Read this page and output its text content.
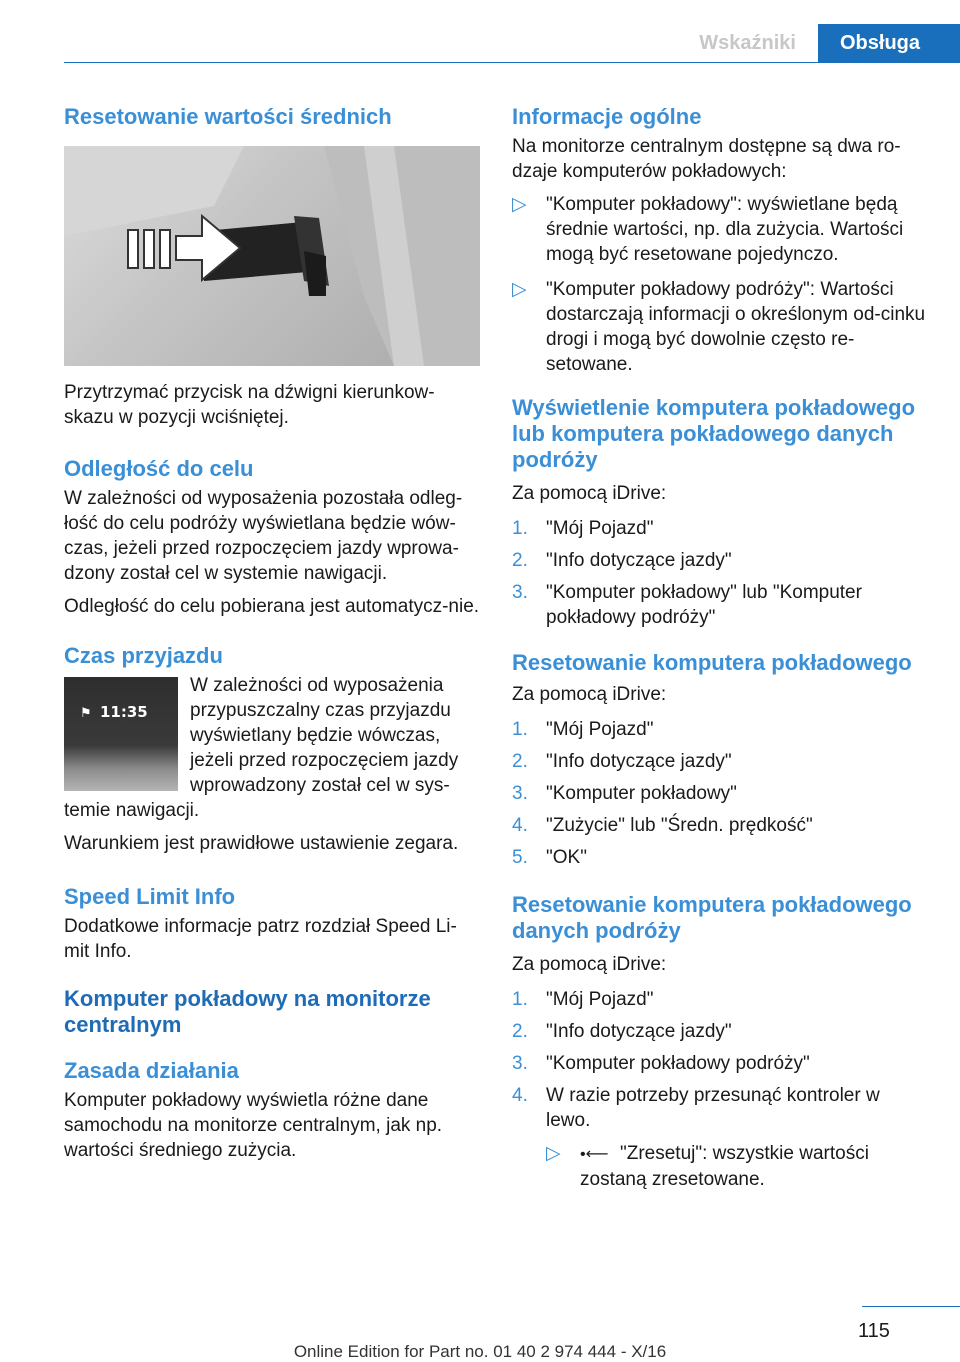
Wskaźniki	Obsługa
Resetowanie wartości średnich

Przytrzymać przycisk na dźwigni kierunkow-skazu w pozycji wciśniętej.

Odległość do celu

W zależności od wyposażenia pozostała odleg-łość do celu podróży wyświetlana będzie wów-czas, jeżeli przed rozpoczęciem jazdy wprowa-dzony został cel w systemie nawigacji.

Odległość do celu pobierana jest automatycz-nie.

Czas przyjazdu
⚑ 11:35

W zależności od wyposażenia przypuszczalny czas przyjazdu wyświetlany będzie wówczas, jeżeli przed rozpoczęciem jazdy wprowadzony został cel w sys-temie nawigacji.

Warunkiem jest prawidłowe ustawienie zegara.

Speed Limit Info

Dodatkowe informacje patrz rozdział Speed Li-mit Info.

Komputer pokładowy na monitorze centralnym
Zasada działania

Komputer pokładowy wyświetla różne dane samochodu na monitorze centralnym, jak np. wartości średniego zużycia.

Informacje ogólne

Na monitorze centralnym dostępne są dwa ro-dzaje komputerów pokładowych:

▷	"Komputer pokładowy": wyświetlane będą średnie wartości, np. dla zużycia. Wartości mogą być resetowane pojedynczo.
▷	"Komputer pokładowy podróży": Wartości dostarczają informacji o określonym od-cinku drogi i mogą być dowolnie często re-setowane.
Wyświetlenie komputera pokładowego lub komputera pokładowego danych podróży

Za pomocą iDrive:

1. "Mój Pojazd"
2. "Info dotyczące jazdy"
3. "Komputer pokładowy" lub "Komputer pokładowy podróży"
Resetowanie komputera pokładowego

Za pomocą iDrive:

1. "Mój Pojazd"
2. "Info dotyczące jazdy"
3. "Komputer pokładowy"
4. "Zużycie" lub "Średn. prędkość"
5. "OK"
Resetowanie komputera pokładowego danych podróży

Za pomocą iDrive:

1. "Mój Pojazd"
2. "Info dotyczące jazdy"
3. "Komputer pokładowy podróży"
4. W razie potrzeby przesunąć kontroler w lewo.
▷	•⟵ "Zresetuj": wszystkie wartości zostaną zresetowane.
115
Online Edition for Part no. 01 40 2 974 444 - X/16
